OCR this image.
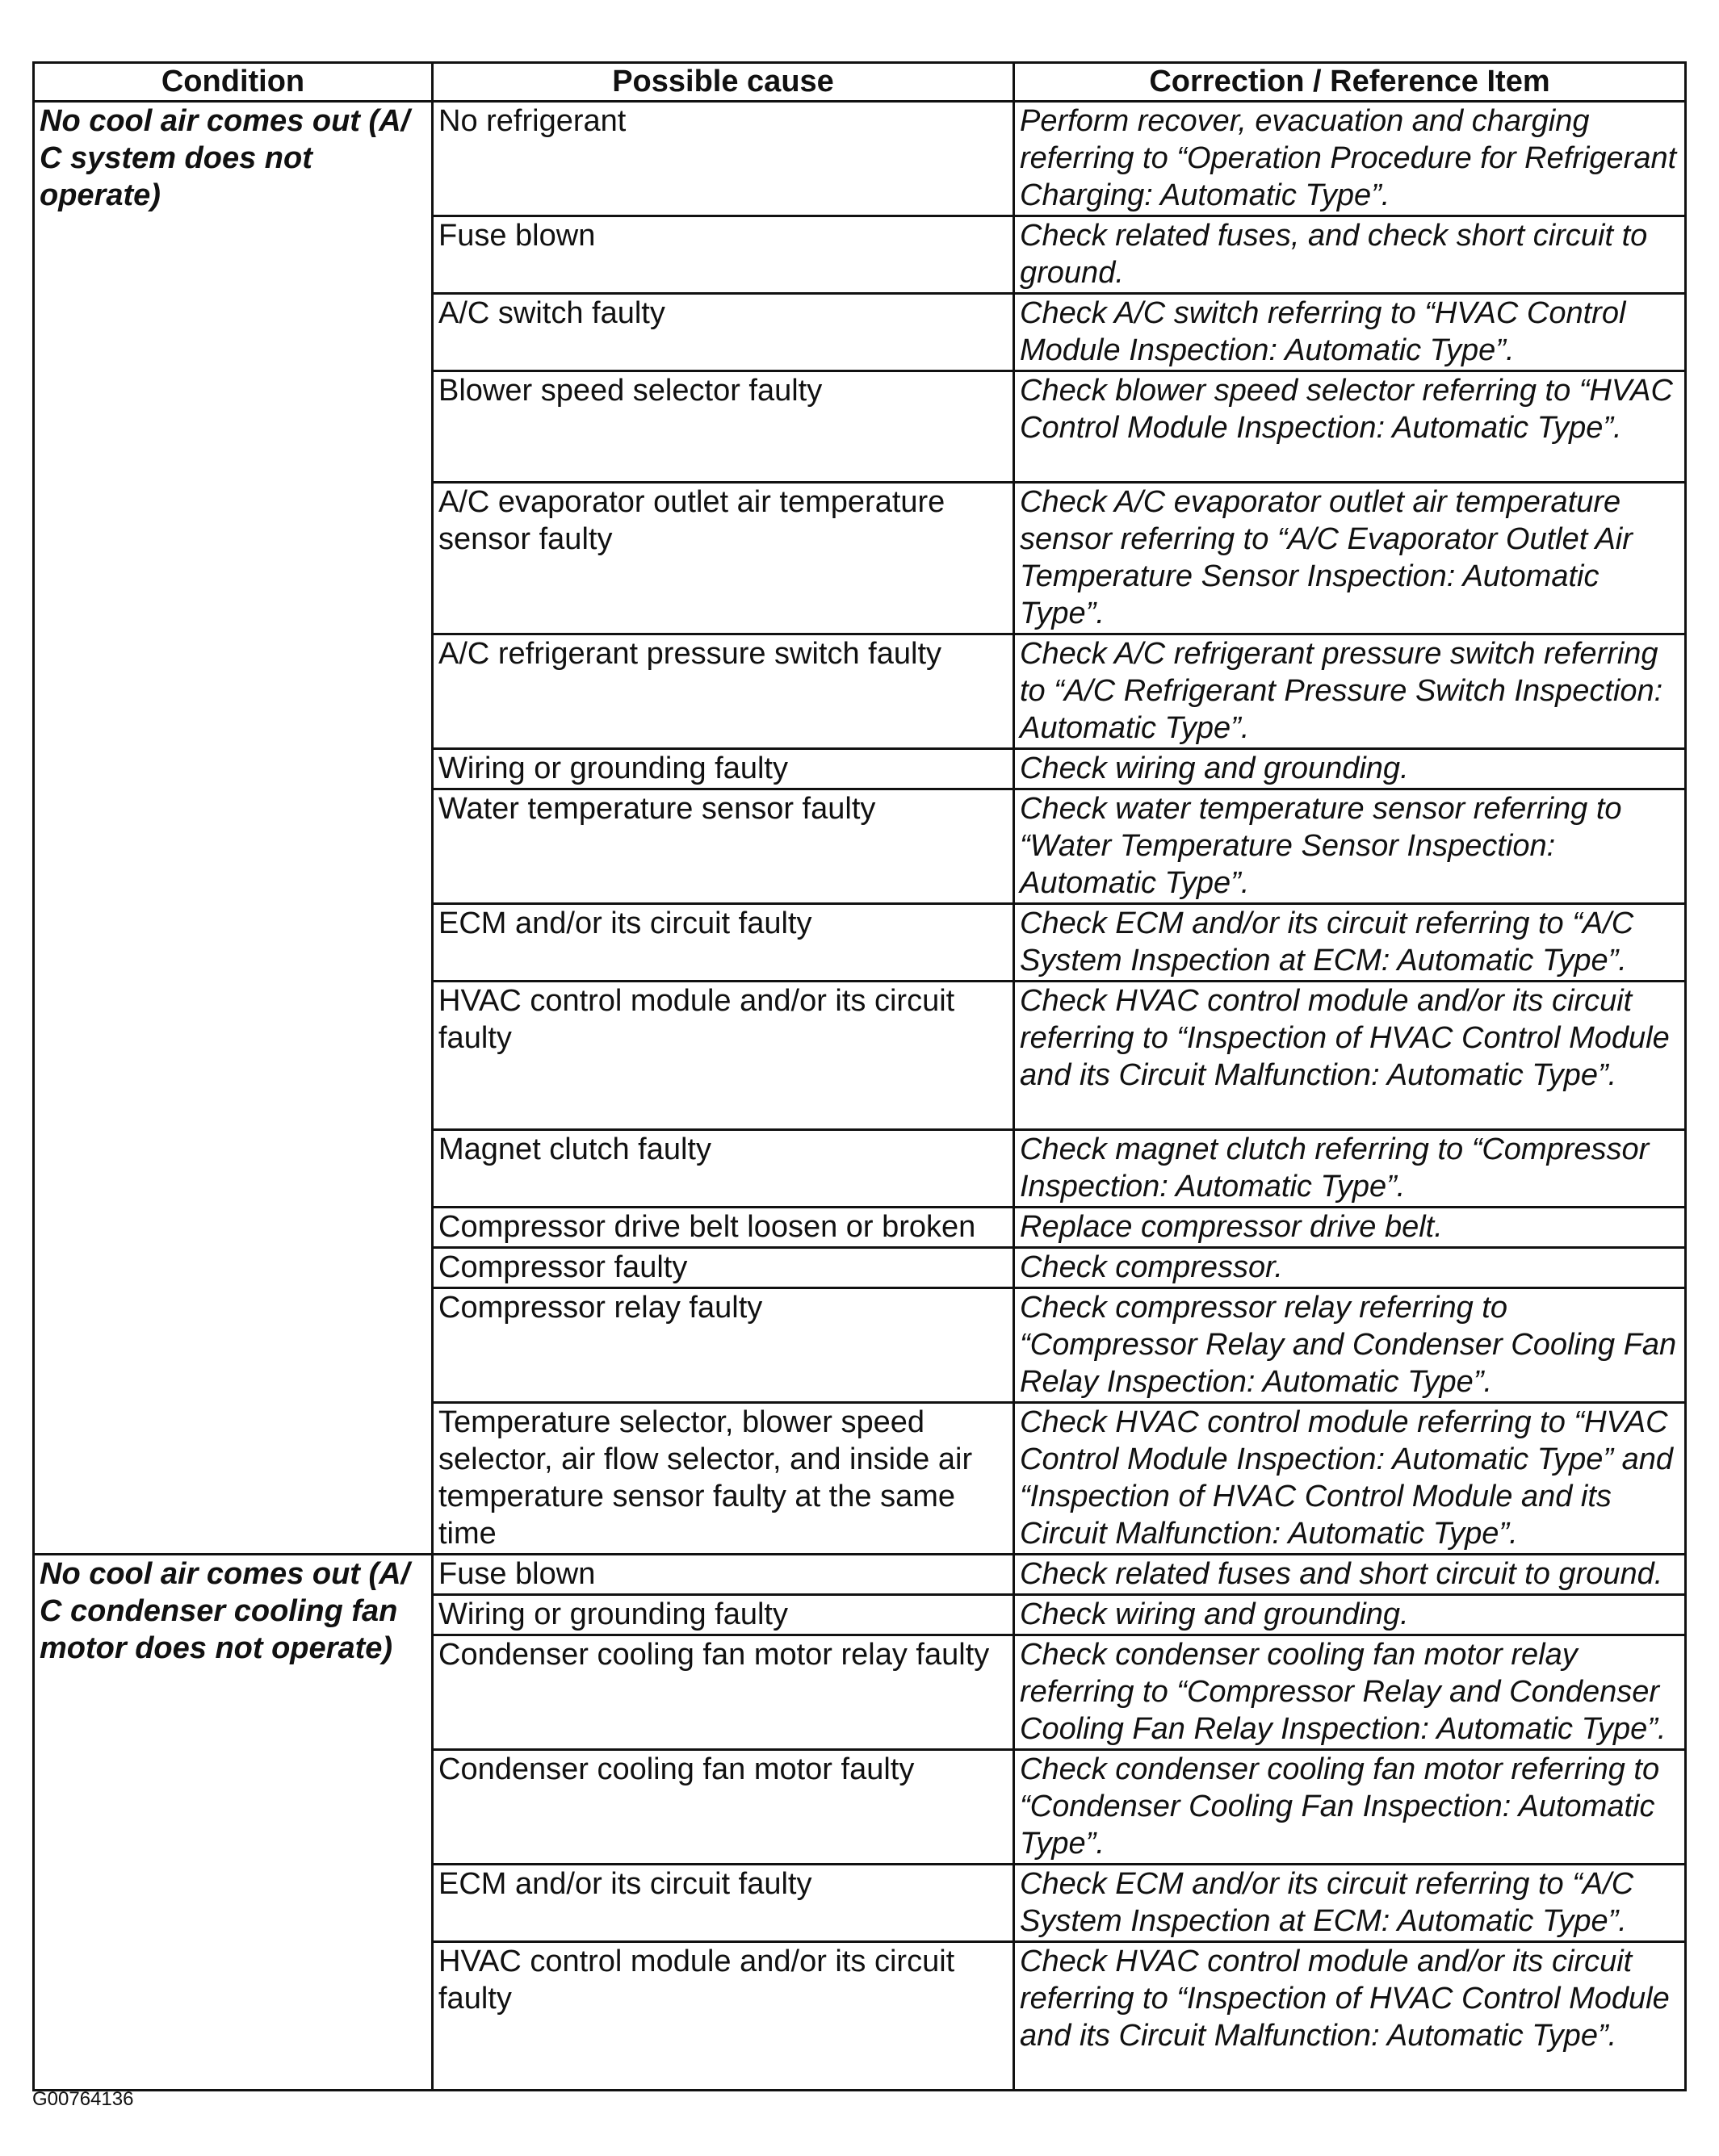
Condition	Possible cause	Correction / Reference Item
No cool air comes out (A/ C system does not operate)	No refrigerant	Perform recover, evacuation and charging referring to “Operation Procedure for Refrigerant Charging: Automatic Type”.
	Fuse blown	Check related fuses, and check short circuit to ground.
	A/C switch faulty	Check A/C switch referring to “HVAC Control Module Inspection: Automatic Type”.
	Blower speed selector faulty	Check blower speed selector referring to “HVAC Control Module Inspection: Automatic Type”.
	A/C evaporator outlet air temperature sensor faulty	Check A/C evaporator outlet air temperature sensor referring to “A/C Evaporator Outlet Air Temperature Sensor Inspection: Automatic Type”.
	A/C refrigerant pressure switch faulty	Check A/C refrigerant pressure switch referring to “A/C Refrigerant Pressure Switch Inspection: Automatic Type”.
	Wiring or grounding faulty	Check wiring and grounding.
	Water temperature sensor faulty	Check water temperature sensor referring to “Water Temperature Sensor Inspection: Automatic Type”.
	ECM and/or its circuit faulty	Check ECM and/or its circuit referring to “A/C System Inspection at ECM: Automatic Type”.
	HVAC control module and/or its circuit faulty	Check HVAC control module and/or its circuit referring to “Inspection of HVAC Control Module and its Circuit Malfunction: Automatic Type”.
	Magnet clutch faulty	Check magnet clutch referring to “Compressor Inspection: Automatic Type”.
	Compressor drive belt loosen or broken	Replace compressor drive belt.
	Compressor faulty	Check compressor.
	Compressor relay faulty	Check compressor relay referring to “Compressor Relay and Condenser Cooling Fan Relay Inspection: Automatic Type”.
	Temperature selector, blower speed selector, air flow selector, and inside air temperature sensor faulty at the same time	Check HVAC control module referring to “HVAC Control Module Inspection: Automatic Type” and “Inspection of HVAC Control Module and its Circuit Malfunction: Automatic Type”.
No cool air comes out (A/ C condenser cooling fan motor does not operate)	Fuse blown	Check related fuses and short circuit to ground.
	Wiring or grounding faulty	Check wiring and grounding.
	Condenser cooling fan motor relay faulty	Check condenser cooling fan motor relay referring to “Compressor Relay and Condenser Cooling Fan Relay Inspection: Automatic Type”.
	Condenser cooling fan motor faulty	Check condenser cooling fan motor referring to “Condenser Cooling Fan Inspection: Automatic Type”.
	ECM and/or its circuit faulty	Check ECM and/or its circuit referring to “A/C System Inspection at ECM: Automatic Type”.
	HVAC control module and/or its circuit faulty	Check HVAC control module and/or its circuit referring to “Inspection of HVAC Control Module and its Circuit Malfunction: Automatic Type”.
G00764136
